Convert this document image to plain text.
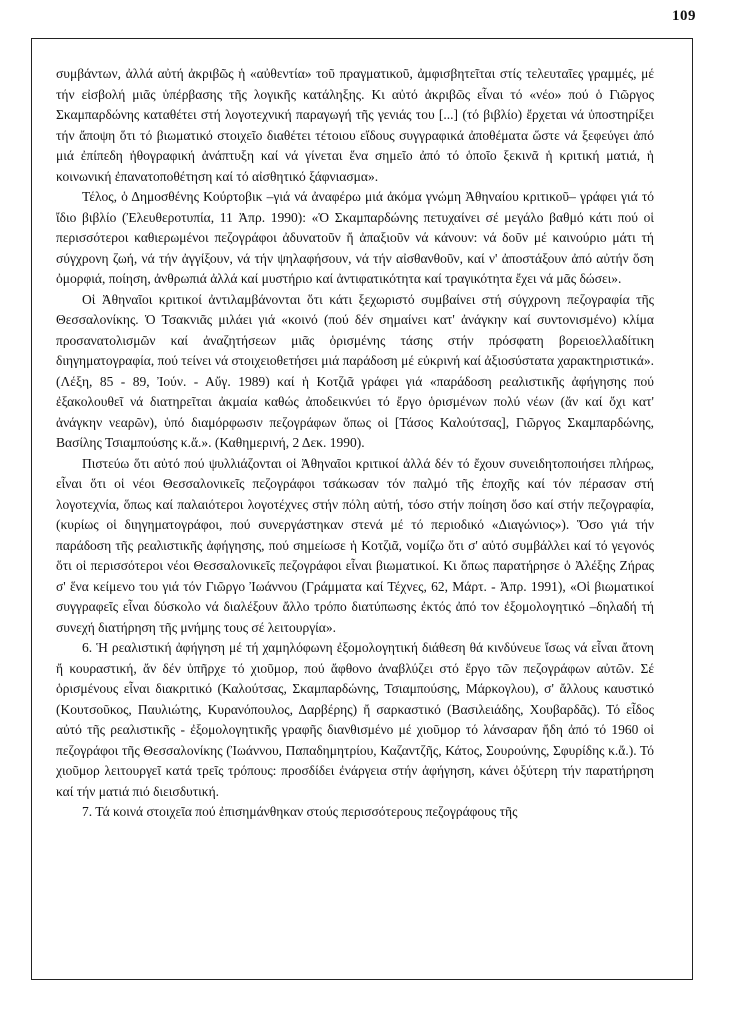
109

συμβάντων, ἀλλά αὐτή ἀκριβῶς ἡ «αὐθεντία» τοῦ πραγματικοῦ, ἀμφισβητεῖται στίς τελευταῖες γραμμές, μέ τήν εἰσβολή μιᾶς ὑπέρβασης τῆς λογικῆς κατάληξης. Κι αὐτό ἀκριβῶς εἶναι τό «νέο» πού ὁ Γιῶργος Σκαμπαρδώνης καταθέτει στή λογοτεχνική παραγωγή τῆς γενιάς του [...] (τό βιβλίο) ἔρχεται νά ὑποστηρίξει τήν ἄποψη ὅτι τό βιωματικό στοιχεῖο διαθέτει τέτοιου εἴδους συγγραφικά ἀποθέματα ὥστε νά ξεφεύγει ἀπό μιά ἐπίπεδη ἠθογραφική ἀνάπτυξη καί νά γίνεται ἕνα σημεῖο ἀπό τό ὁποῖο ξεκινᾶ ἡ κριτική ματιά, ἡ κοινωνική ἐπανατοποθέτηση καί τό αἰσθητικό ξάφνιασμα».

Τέλος, ὁ Δημοσθένης Κούρτοβικ –γιά νά ἀναφέρω μιά ἀκόμα γνώμη Ἀθηναίου κριτικοῦ– γράφει γιά τό ἴδιο βιβλίο (Ἐλευθεροτυπία, 11 Ἀπρ. 1990): «Ὁ Σκαμπαρδώνης πετυχαίνει σέ μεγάλο βαθμό κάτι πού οἱ περισσότεροι καθιερωμένοι πεζογράφοι ἀδυνατοῦν ἤ ἀπαξιοῦν νά κάνουν: νά δοῦν μέ καινούριο μάτι τή σύγχρονη ζωή, νά τήν ἀγγίξουν, νά τήν ψηλαφήσουν, νά τήν αἰσθανθοῦν, καί ν' ἀποστάξουν ἀπό αὐτήν ὅση ὀμορφιά, ποίηση, ἀνθρωπιά ἀλλά καί μυστήριο καί ἀντιφατικότητα καί τραγικότητα ἔχει νά μᾶς δώσει».

Οἱ Ἀθηναῖοι κριτικοί ἀντιλαμβάνονται ὅτι κάτι ξεχωριστό συμβαίνει στή σύγχρονη πεζογραφία τῆς Θεσσαλονίκης. Ὁ Τσακνιᾶς μιλάει γιά «κοινό (πού δέν σημαίνει κατ' ἀνάγκην καί συντονισμένο) κλίμα προσανατολισμῶν καί ἀναζητήσεων μιᾶς ὁρισμένης τάσης στήν πρόσφατη βορειοελλαδίτικη διηγηματογραφία, πού τείνει νά στοιχειοθετήσει μιά παράδοση μέ εὐκρινή καί ἀξιοσύστατα χαρακτηριστικά». (Λέξη, 85 - 89, Ἰούν. - Αὔγ. 1989) καί ἡ Κοτζιᾶ γράφει γιά «παράδοση ρεαλιστικῆς ἀφήγησης πού ἐξακολουθεῖ νά διατηρεῖται ἀκμαία καθώς ἀποδεικνύει τό ἔργο ὁρισμένων πολύ νέων (ἄν καί ὄχι κατ' ἀνάγκην νεαρῶν), ὑπό διαμόρφωσιν πεζογράφων ὅπως οἱ [Τάσος Καλούτσας], Γιῶργος Σκαμπαρδώνης, Βασίλης Τσιαμπούσης κ.ἄ.». (Καθημερινή, 2 Δεκ. 1990).

Πιστεύω ὅτι αὐτό πού ψυλλιάζονται οἱ Ἀθηναῖοι κριτικοί ἀλλά δέν τό ἔχουν συνειδητοποιήσει πλήρως, εἶναι ὅτι οἱ νέοι Θεσσαλονικεῖς πεζογράφοι τσάκωσαν τόν παλμό τῆς ἐποχῆς καί τόν πέρασαν στή λογοτεχνία, ὅπως καί παλαιότεροι λογοτέχνες στήν πόλη αὐτή, τόσο στήν ποίηση ὅσο καί στήν πεζογραφία, (κυρίως οἱ διηγηματογράφοι, πού συνεργάστηκαν στενά μέ τό περιοδικό «Διαγώνιος»). Ὅσο γιά τήν παράδοση τῆς ρεαλιστικῆς ἀφήγησης, πού σημείωσε ἡ Κοτζιᾶ, νομίζω ὅτι σ' αὐτό συμβάλλει καί τό γεγονός ὅτι οἱ περισσότεροι νέοι Θεσσαλονικεῖς πεζογράφοι εἶναι βιωματικοί. Κι ὅπως παρατήρησε ὁ Ἀλέξης Ζήρας σ' ἕνα κείμενο του γιά τόν Γιῶργο Ἰωάννου (Γράμματα καί Τέχνες, 62, Μάρτ. - Ἀπρ. 1991), «Οἱ βιωματικοί συγγραφεῖς εἶναι δύσκολο νά διαλέξουν ἄλλο τρόπο διατύπωσης ἐκτός ἀπό τον ἐξομολογητικό –δηλαδή τή συνεχή διατήρηση τῆς μνήμης τους σέ λειτουργία».

6. Ἡ ρεαλιστική ἀφήγηση μέ τή χαμηλόφωνη ἐξομολογητική διάθεση θά κινδύνευε ἴσως νά εἶναι ἄτονη ἤ κουραστική, ἄν δέν ὑπῆρχε τό χιοῦμορ, πού ἄφθονο ἀναβλύζει στό ἔργο τῶν πεζογράφων αὐτῶν. Σέ ὁρισμένους εἶναι διακριτικό (Καλούτσας, Σκαμπαρδώνης, Τσιαμπούσης, Μάρκογλου), σ' ἄλλους καυστικό (Κουτσοῦκος, Παυλιώτης, Κυρανόπουλος, Δαρβέρης) ἤ σαρκαστικό (Βασιλειάδης, Χουβαρδᾶς). Τό εἶδος αὐτό τῆς ρεαλιστικῆς - ἐξομολογητικῆς γραφῆς διανθισμένο μέ χιοῦμορ τό λάνσαραν ἤδη ἀπό τό 1960 οἱ πεζογράφοι τῆς Θεσσαλονίκης (Ἰωάννου, Παπαδημητρίου, Καζαντζῆς, Κάτος, Σουρούνης, Σφυρίδης κ.ἄ.). Τό χιοῦμορ λειτουργεῖ κατά τρεῖς τρόπους: προσδίδει ἐνάργεια στήν ἀφήγηση, κάνει ὀξύτερη τήν παρατήρηση καί τήν ματιά πιό διεισδυτική.

7. Τά κοινά στοιχεῖα πού ἐπισημάνθηκαν στούς περισσότερους πεζογράφους τῆς
